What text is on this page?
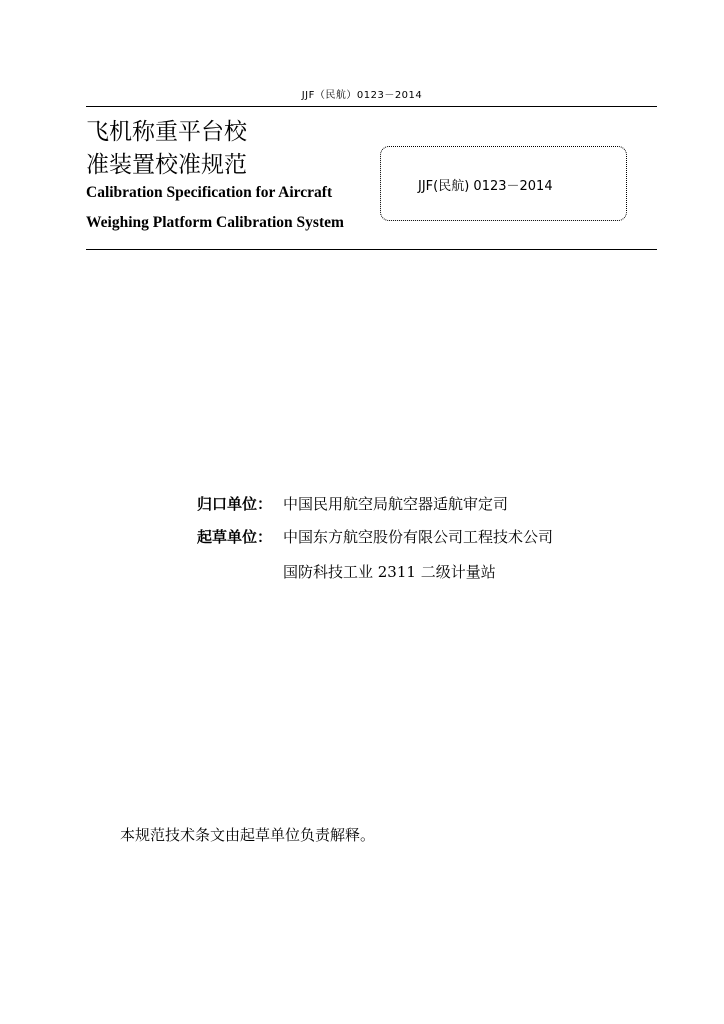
JJF（民航）0123－2014
飞机称重平台校
准装置校准规范
Calibration Specification for Aircraft
Weighing Platform Calibration System
JJF(民航) 0123－2014
归口单位： 中国民用航空局航空器适航审定司
起草单位： 中国东方航空股份有限公司工程技术公司
国防科技工业 2311 二级计量站
本规范技术条文由起草单位负责解释。
